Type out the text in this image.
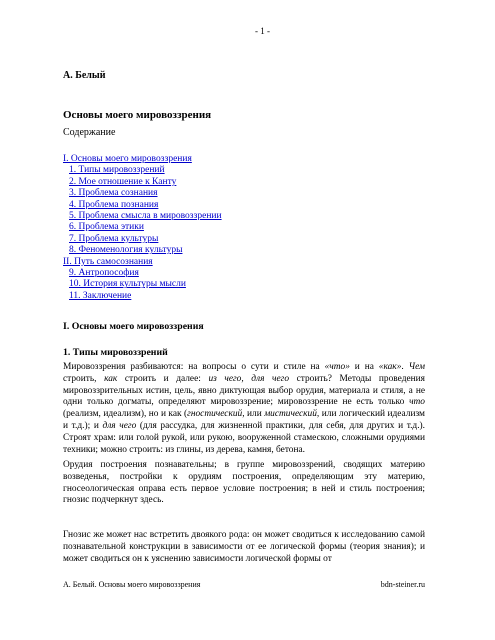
- 1 -
А. Белый
Основы моего мировоззрения
Содержание
I. Основы моего мировоззрения
1. Типы мировоззрений
2. Мое отношение к Канту
3. Проблема сознания
4. Проблема познания
5. Проблема смысла в мировоззрении
6. Проблема этики
7. Проблема культуры
8. Феноменология культуры
II. Путь самосознания
9. Антропософия
10. История культуры мысли
11. Заключение
I. Основы моего мировоззрения
1. Типы мировоззрений
Мировоззрения разбиваются: на вопросы о сути и стиле на «что» и на «как». Чем строить, как строить и далее: из чего, для чего строить? Методы проведения мировоззрительных истин, цель, явно диктующая выбор орудия, материала и стиля, а не одни только догматы, определяют мировоззрение; мировоззрение не есть только что (реализм, идеализм), но и как (гностический, или мистический, или логический идеализм и т.д.); и для чего (для рассудка, для жизненной практики, для себя, для других и т.д.). Строят храм: или голой рукой, или рукою, вооруженной стамескою, сложными орудиями техники; можно строить: из глины, из дерева, камня, бетона.
Орудия построения познавательны; в группе мировоззрений, сводящих материю возведенья, постройки к орудиям построения, определяющим эту материю, гносеологическая оправа есть первое условие построения; в ней и стиль построения; гнозис подчеркнут здесь.
Гнозис же может нас встретить двоякого рода: он может сводиться к исследованию самой познавательной конструкции в зависимости от ее логической формы (теория знания); и может сводиться он к уяснению зависимости логической формы от
А. Белый. Основы моего мировоззрения	bdn-steiner.ru
